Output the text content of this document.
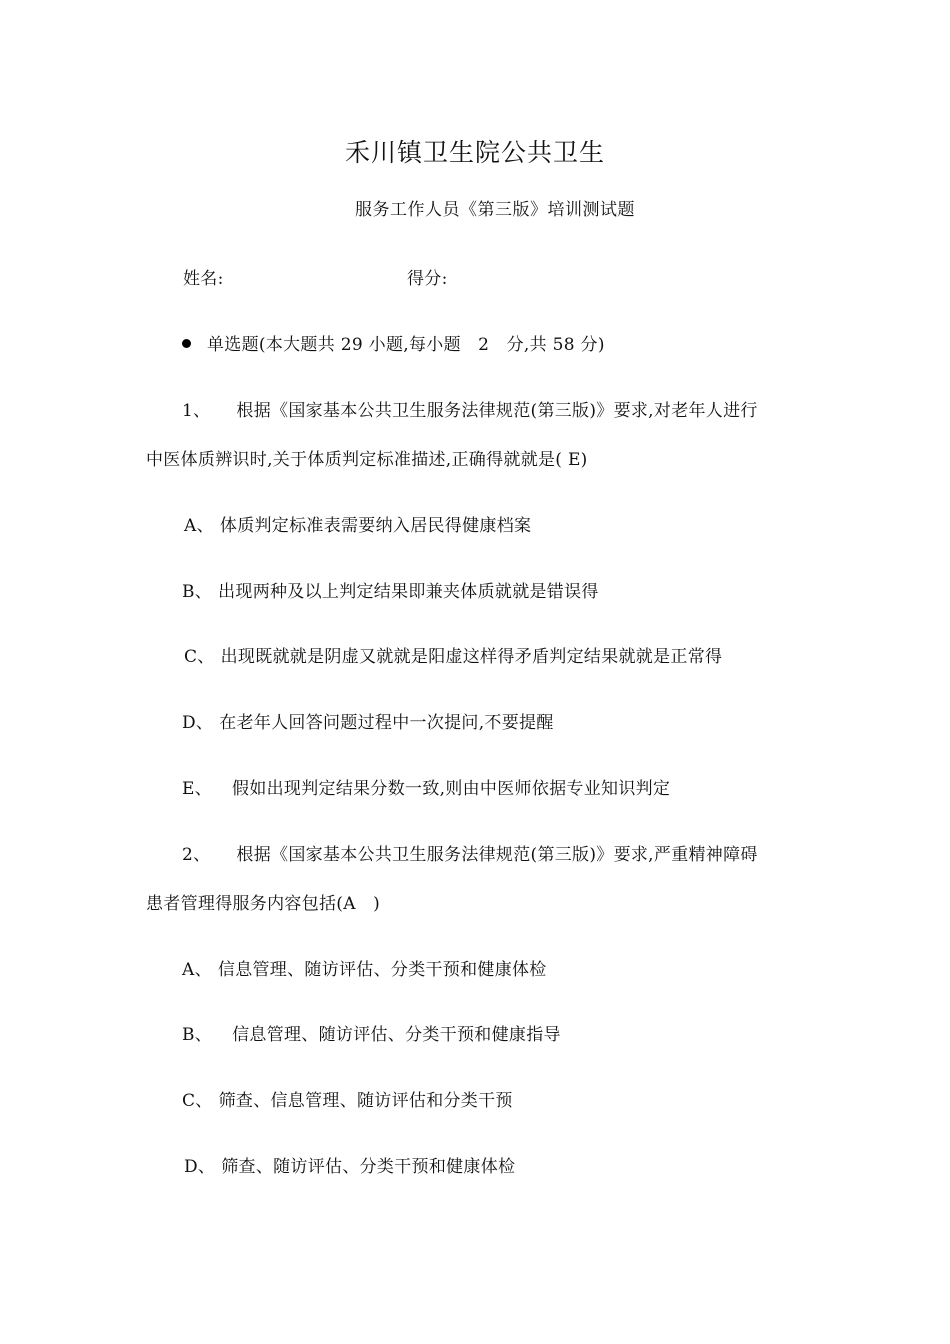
禾川镇卫生院公共卫生
服务工作人员《第三版》培训测试题
姓名:	得分:
单选题(本大题共 29 小题,每小题　2　分,共 58 分)
1、 根据《国家基本公共卫生服务法律规范(第三版)》要求,对老年人进行
中医体质辨识时,关于体质判定标准描述,正确得就就是( E)
A、 体质判定标准表需要纳入居民得健康档案
B、 出现两种及以上判定结果即兼夹体质就就是错误得
C、 出现既就就是阴虚又就就是阳虚这样得矛盾判定结果就就是正常得
D、 在老年人回答问题过程中一次提问,不要提醒
E、 假如出现判定结果分数一致,则由中医师依据专业知识判定
2、 根据《国家基本公共卫生服务法律规范(第三版)》要求,严重精神障碍
患者管理得服务内容包括(A　)
A、 信息管理、随访评估、分类干预和健康体检
B、 信息管理、随访评估、分类干预和健康指导
C、 筛查、信息管理、随访评估和分类干预
D、 筛查、随访评估、分类干预和健康体检
